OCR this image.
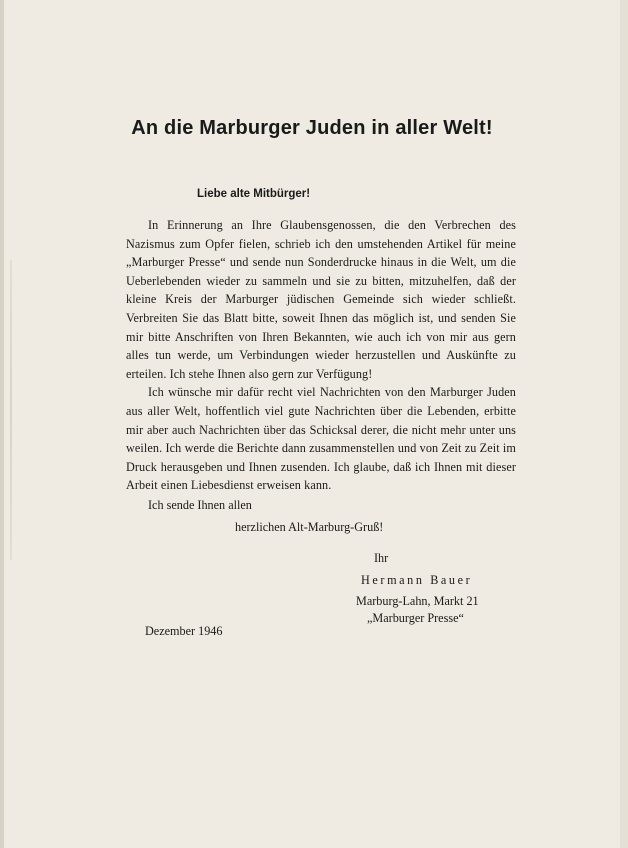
An die Marburger Juden in aller Welt!
Liebe alte Mitbürger!

In Erinnerung an Ihre Glaubensgenossen, die den Verbrechen des Nazismus zum Opfer fielen, schrieb ich den umstehenden Artikel für meine „Marburger Presse“ und sende nun Sonderdrucke hinaus in die Welt, um die Ueberlebenden wieder zu sammeln und sie zu bitten, mitzuhelfen, daß der kleine Kreis der Marburger jüdischen Gemeinde sich wieder schließt. Verbreiten Sie das Blatt bitte, soweit Ihnen das möglich ist, und senden Sie mir bitte Anschriften von Ihren Bekannten, wie auch ich von mir aus gern alles tun werde, um Verbindungen wieder herzustellen und Auskünfte zu erteilen. Ich stehe Ihnen also gern zur Verfügung!

Ich wünsche mir dafür recht viel Nachrichten von den Marburger Juden aus aller Welt, hoffentlich viel gute Nachrichten über die Lebenden, erbitte mir aber auch Nachrichten über das Schicksal derer, die nicht mehr unter uns weilen. Ich werde die Berichte dann zusammenstellen und von Zeit zu Zeit im Druck herausgeben und Ihnen zusenden. Ich glaube, daß ich Ihnen mit dieser Arbeit einen Liebesdienst erweisen kann.

Ich sende Ihnen allen
herzlichen Alt-Marburg-Gruß!
Ihr
Hermann Bauer
Marburg-Lahn, Markt 21
„Marburger Presse“
Dezember 1946
